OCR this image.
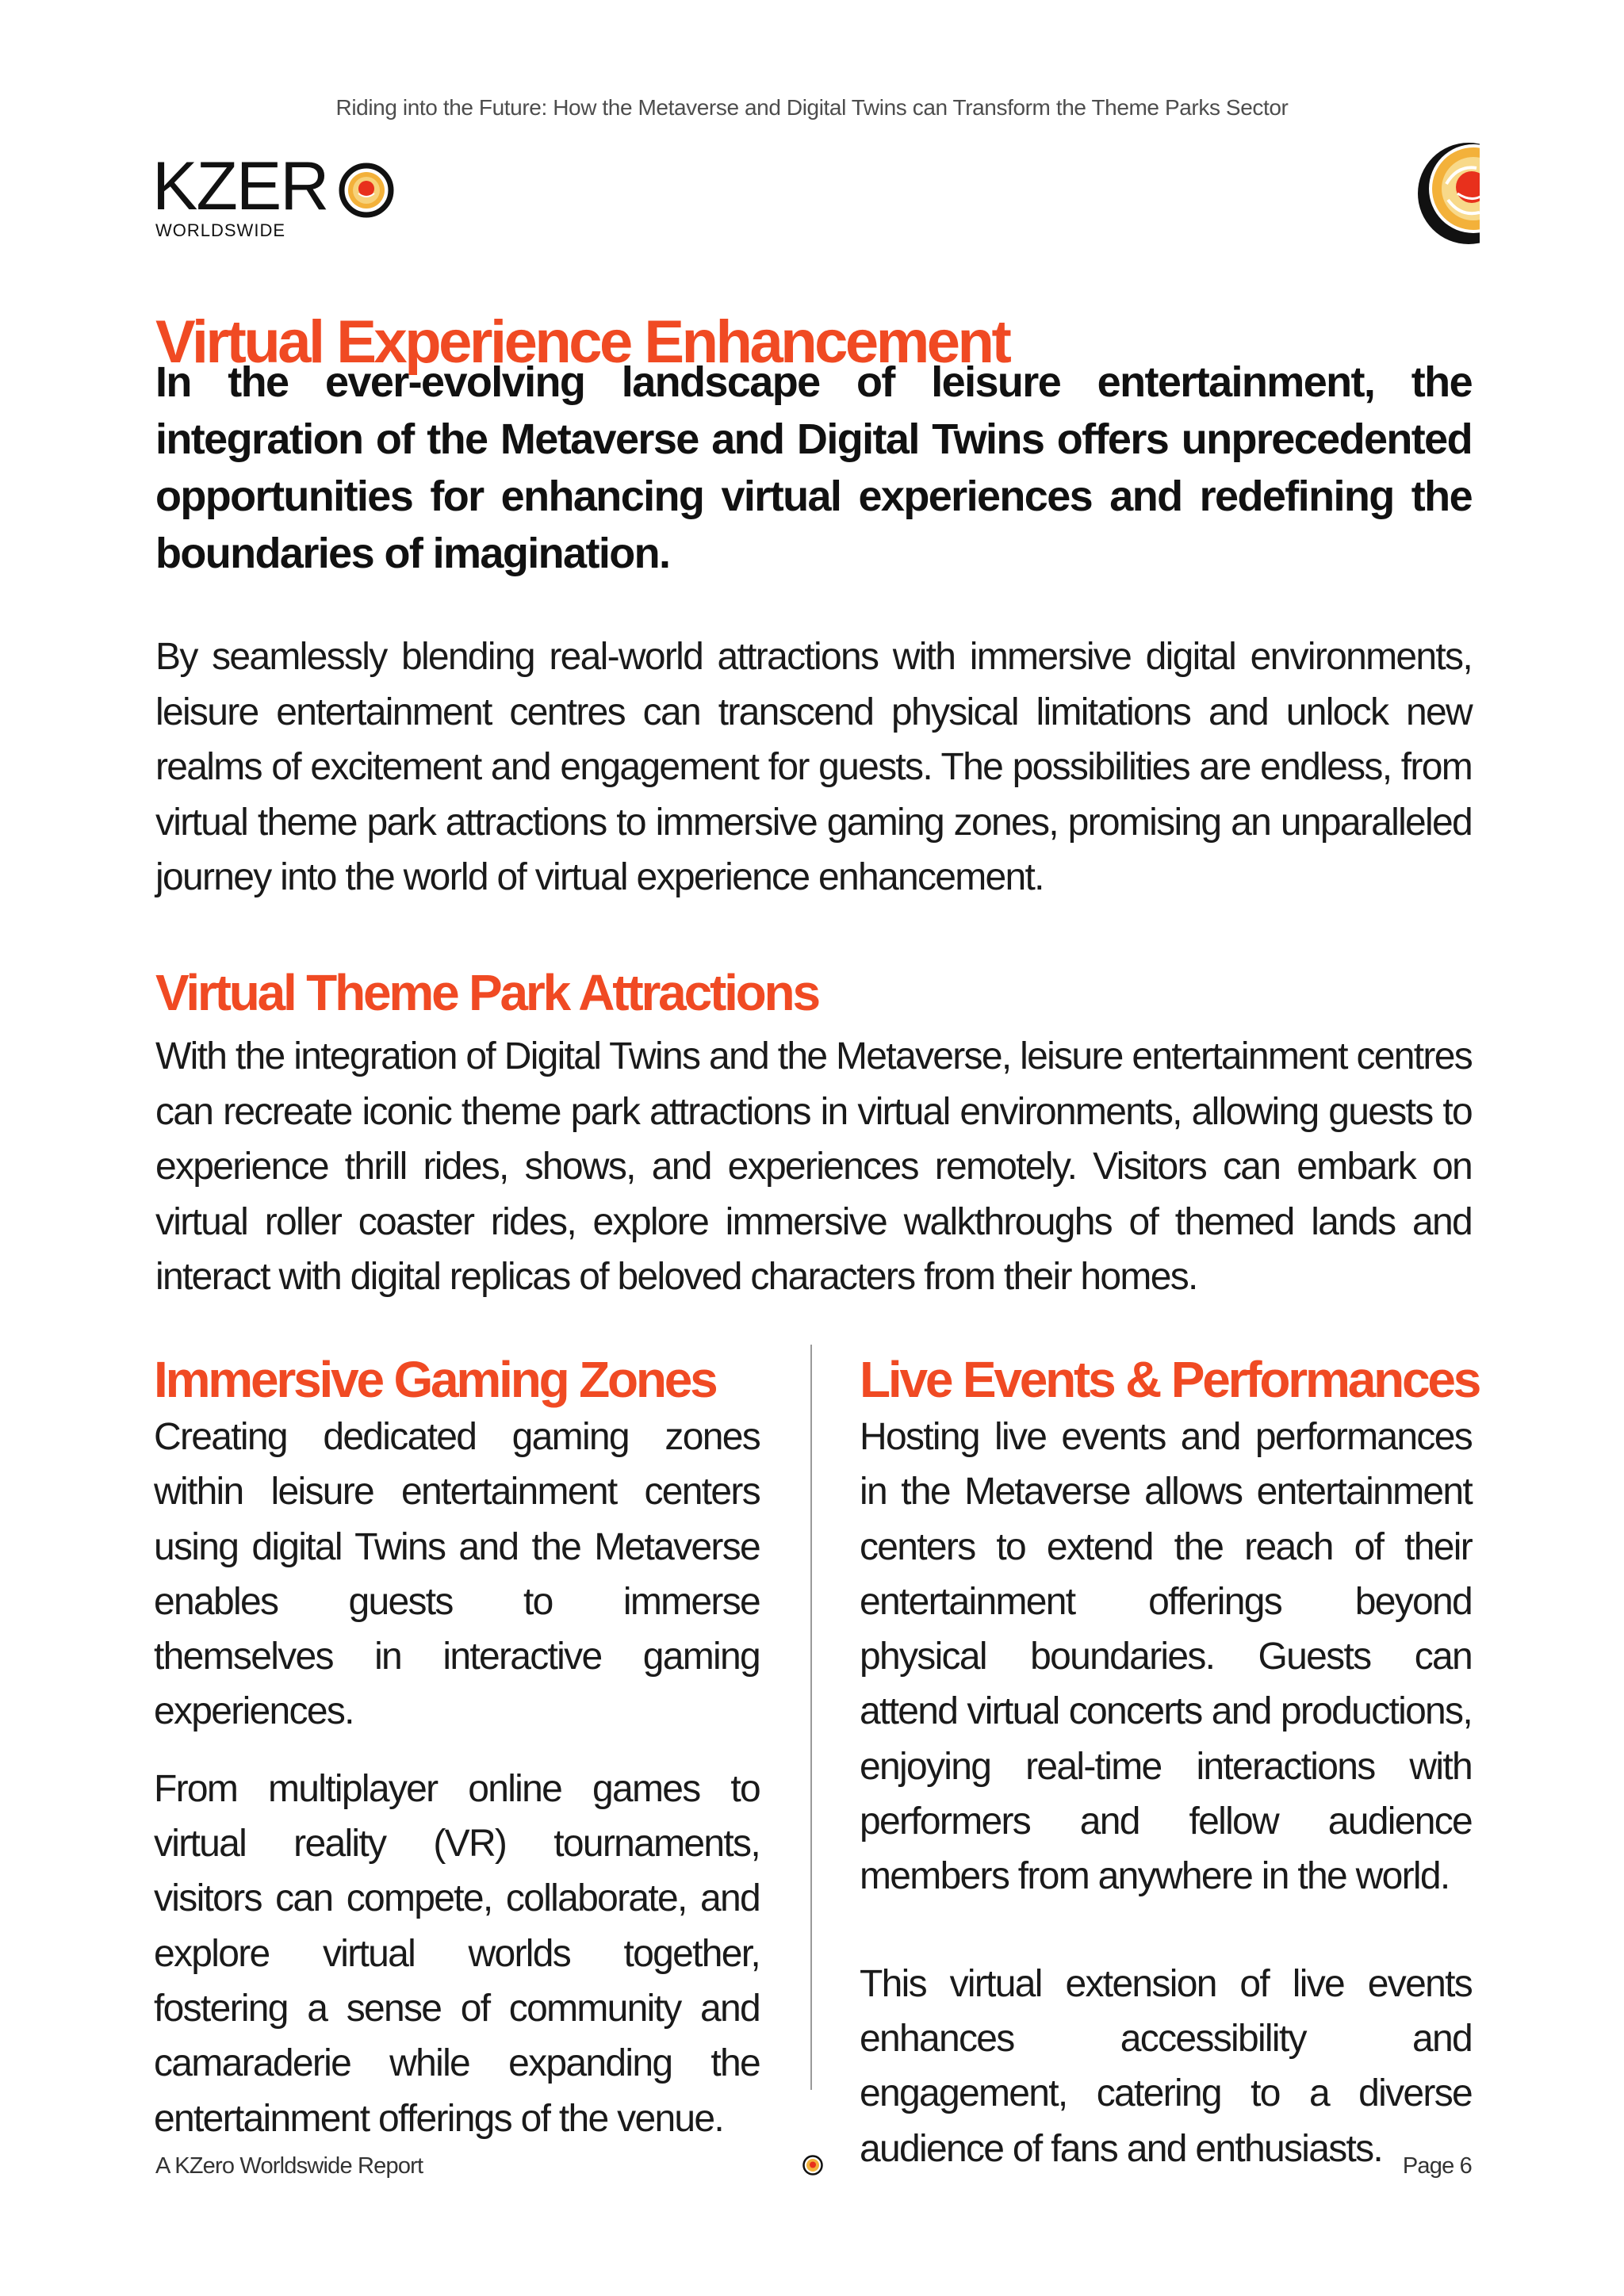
Riding into the Future: How the Metaverse and Digital Twins can Transform the Theme Parks Sector
KZER
WORLDSWIDE
Virtual Experience Enhancement

In the ever-evolving landscape of leisure entertainment, the integration of the Metaverse and Digital Twins offers unprecedented opportunities for enhancing virtual experiences and redefining the boundaries of imagination.

By seamlessly blending real-world attractions with immersive digital environments, leisure entertainment centres can transcend physical limitations and unlock new realms of excitement and engagement for guests. The possibilities are endless, from virtual theme park attractions to immersive gaming zones, promising an unparalleled journey into the world of virtual experience enhancement.

Virtual Theme Park Attractions

With the integration of Digital Twins and the Metaverse, leisure entertainment centres can recreate iconic theme park attractions in virtual environments, allowing guests to experience thrill rides, shows, and experiences remotely. Visitors can embark on virtual roller coaster rides, explore immersive walkthroughs of themed lands and interact with digital replicas of beloved characters from their homes.

Immersive Gaming Zones

Creating dedicated gaming zones within leisure entertainment centers using digital Twins and the Metaverse enables guests to immerse themselves in interactive gaming experiences.

From multiplayer online games to virtual reality (VR) tournaments, visitors can compete, collaborate, and explore virtual worlds together, fostering a sense of community and camaraderie while expanding the entertainment offerings of the venue.

Live Events & Performances

Hosting live events and performances in the Metaverse allows entertainment centers to extend the reach of their entertainment offerings beyond physical boundaries. Guests can attend virtual concerts and productions, enjoying real-time interactions with performers and fellow audience members from anywhere in the world.

This virtual extension of live events enhances accessibility and engagement, catering to a diverse audience of fans and enthusiasts.

A KZero Worldswide Report	Page 6
